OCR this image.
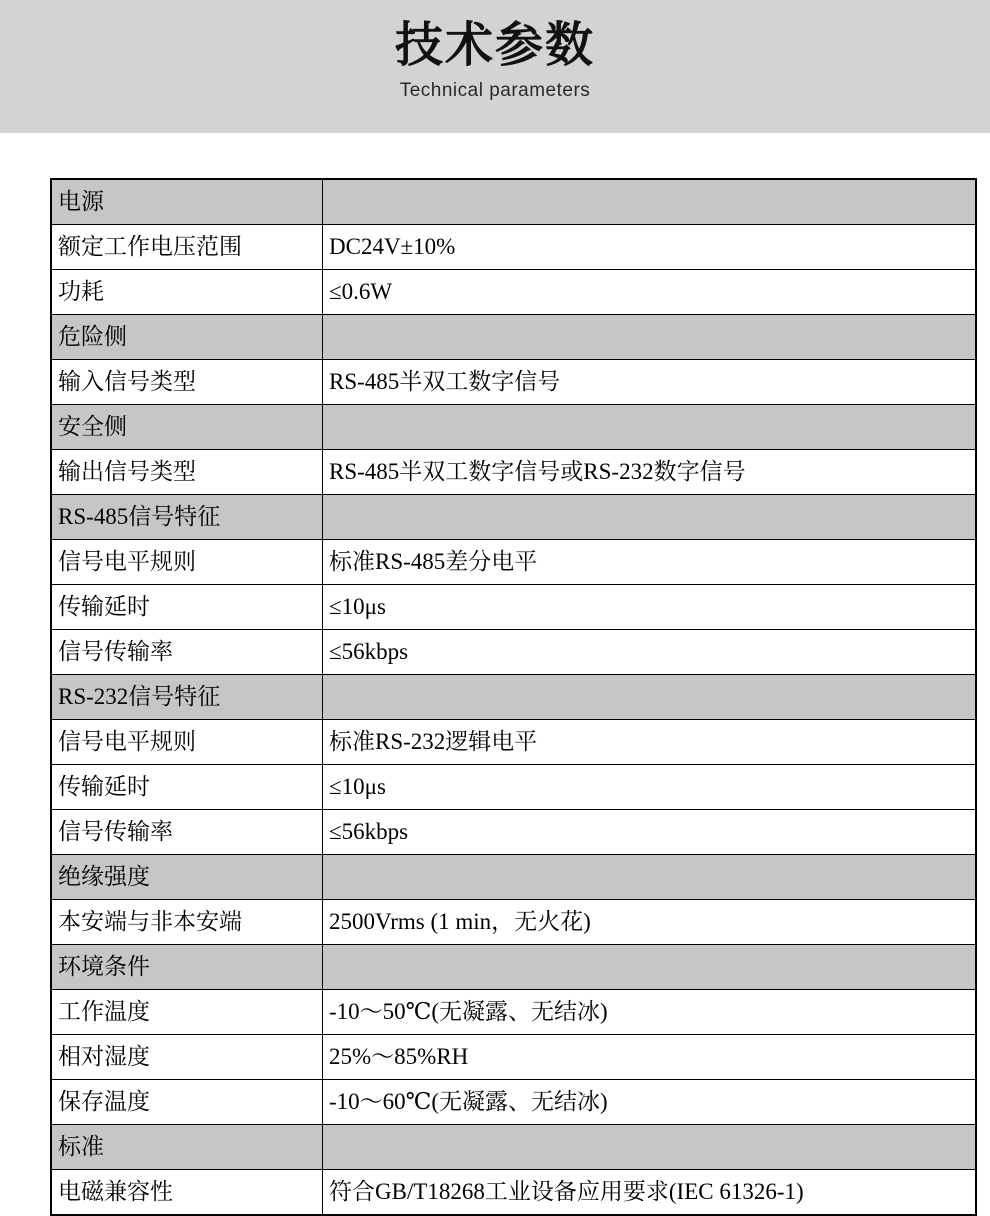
技术参数
Technical parameters
电源	

额定工作电压范围	DC24V±10%

功耗	≤0.6W

危险侧	

输入信号类型	RS-485半双工数字信号

安全侧	

输出信号类型	RS-485半双工数字信号或RS-232数字信号

RS-485信号特征	

信号电平规则	标准RS-485差分电平

传输延时	≤10μs

信号传输率	≤56kbps

RS-232信号特征	

信号电平规则	标准RS-232逻辑电平

传输延时	≤10μs

信号传输率	≤56kbps

绝缘强度	

本安端与非本安端	2500Vrms (1 min，无火花)

环境条件	

工作温度	-10～50℃(无凝露、无结冰)

相对湿度	25%～85%RH

保存温度	-10～60℃(无凝露、无结冰)

标准	

电磁兼容性	符合GB/T18268工业设备应用要求(IEC 61326-1)
